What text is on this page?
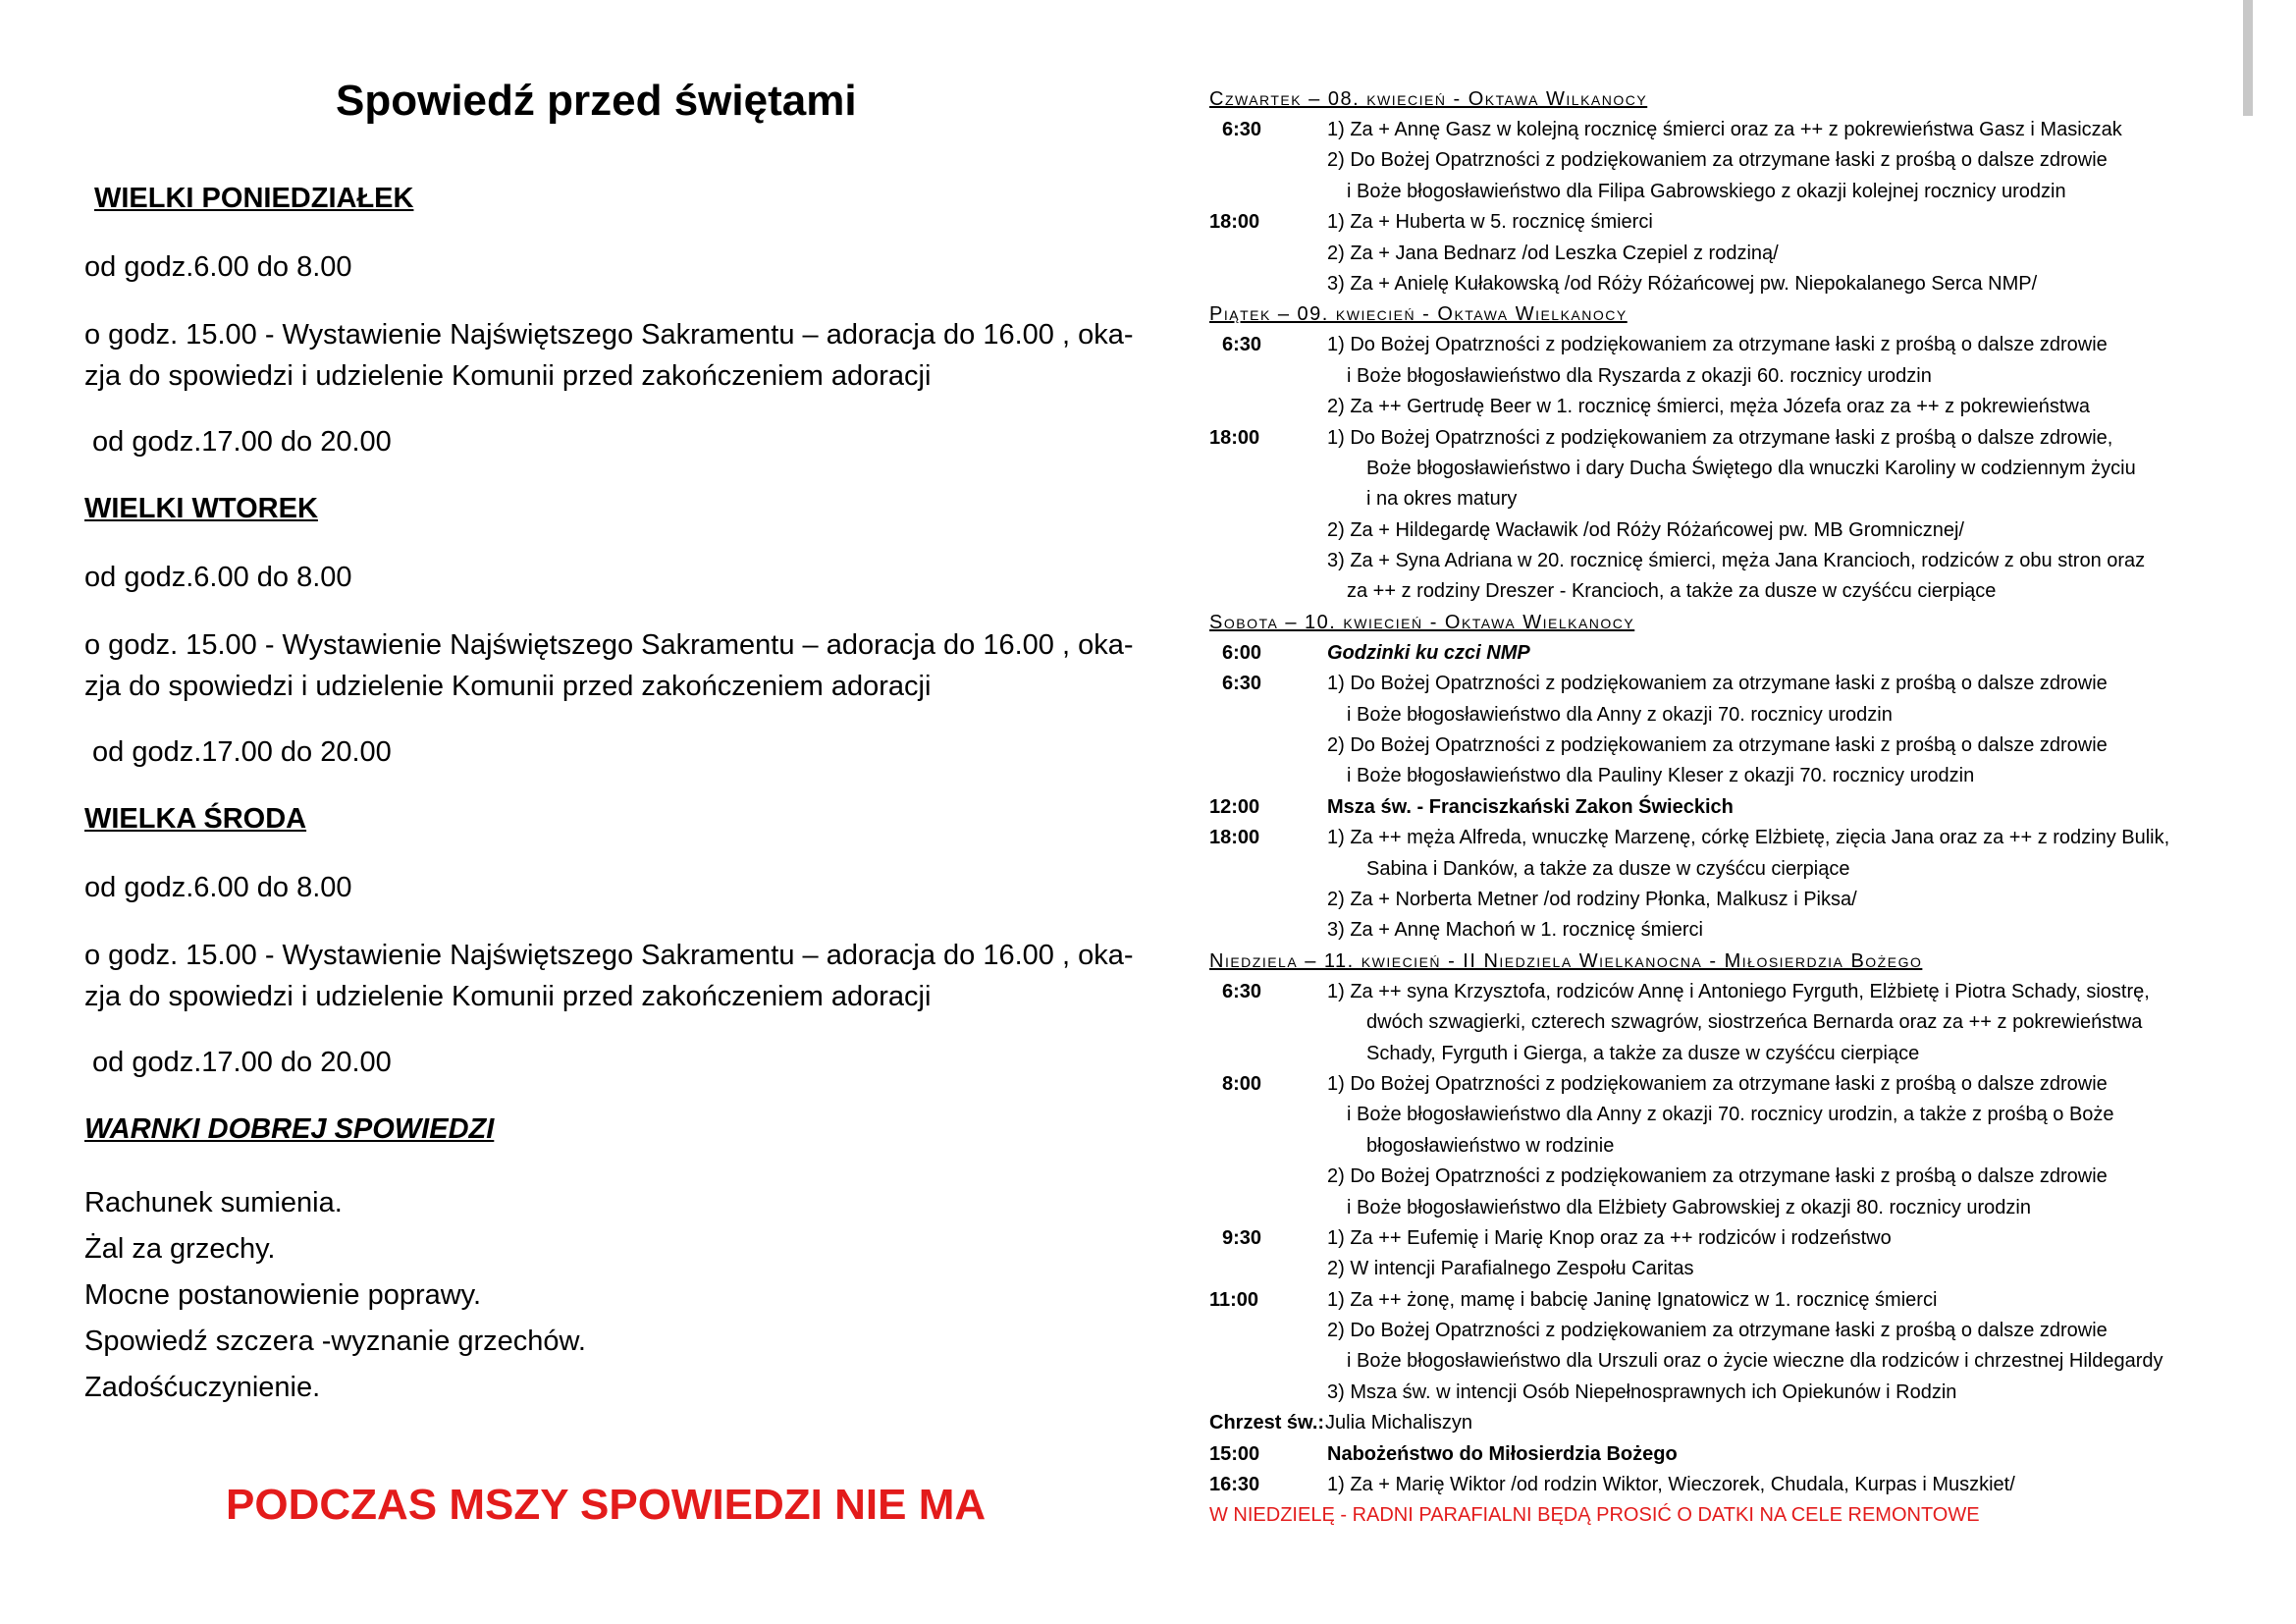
Spowiedź przed świętami
WIELKI PONIEDZIAŁEK
od godz.6.00 do 8.00
o godz. 15.00 - Wystawienie Najświętszego Sakramentu – adoracja do 16.00 , oka-
zja do spowiedzi i udzielenie Komunii przed zakończeniem adoracji
od godz.17.00 do 20.00
WIELKI WTOREK
od godz.6.00 do 8.00
o godz. 15.00 - Wystawienie Najświętszego Sakramentu – adoracja do 16.00 , oka-
zja do spowiedzi i udzielenie Komunii przed zakończeniem adoracji
od godz.17.00 do 20.00
WIELKA ŚRODA
od godz.6.00 do 8.00
o godz. 15.00 - Wystawienie Najświętszego Sakramentu – adoracja do 16.00 , oka-
zja do spowiedzi i udzielenie Komunii przed zakończeniem adoracji
od godz.17.00 do 20.00
WARNKI DOBREJ SPOWIEDZI
Rachunek sumienia.
Żal za grzechy.
Mocne postanowienie poprawy.
Spowiedź szczera -wyznanie grzechów.
Zadośćuczynienie.
PODCZAS MSZY SPOWIEDZI NIE MA
Czwartek – 08. kwiecień - Oktawa Wilkanocy
6:30	1) Za + Annę Gasz w kolejną rocznicę śmierci oraz za ++ z pokrewieństwa Gasz i Masiczak
2) Do Bożej Opatrzności z podziękowaniem za otrzymane łaski z prośbą o dalsze zdrowie
i Boże błogosławieństwo dla Filipa Gabrowskiego z okazji kolejnej rocznicy urodzin
18:00	1) Za + Huberta w 5. rocznicę śmierci
2) Za + Jana Bednarz /od Leszka Czepiel z rodziną/
3) Za + Anielę Kułakowską /od Róży Różańcowej pw. Niepokalanego Serca NMP/
Piątek – 09. kwiecień - Oktawa Wielkanocy
6:30	1) Do Bożej Opatrzności z podziękowaniem za otrzymane łaski z prośbą o dalsze zdrowie
i Boże błogosławieństwo dla Ryszarda z okazji 60. rocznicy urodzin
2) Za ++ Gertrudę Beer w 1. rocznicę śmierci, męża Józefa oraz za ++ z pokrewieństwa
18:00	1) Do Bożej Opatrzności z podziękowaniem za otrzymane łaski z prośbą o dalsze zdrowie,
Boże błogosławieństwo i dary Ducha Świętego dla wnuczki Karoliny w codziennym życiu
i na okres matury
2) Za + Hildegardę Wacławik /od Róży Różańcowej pw. MB Gromnicznej/
3) Za + Syna Adriana w 20. rocznicę śmierci, męża Jana Krancioch, rodziców z obu stron oraz
za ++ z rodziny Dreszer - Krancioch, a także za dusze w czyśćcu cierpiące
Sobota – 10. kwiecień - Oktawa Wielkanocy
6:00	Godzinki ku czci NMP
6:30	1) Do Bożej Opatrzności z podziękowaniem za otrzymane łaski z prośbą o dalsze zdrowie
i Boże błogosławieństwo dla Anny z okazji 70. rocznicy urodzin
2) Do Bożej Opatrzności z podziękowaniem za otrzymane łaski z prośbą o dalsze zdrowie
i Boże błogosławieństwo dla Pauliny Kleser z okazji 70. rocznicy urodzin
12:00	Msza św. - Franciszkański Zakon Świeckich
18:00	1) Za ++ męża Alfreda, wnuczkę Marzenę, córkę Elżbietę, zięcia Jana oraz za ++ z rodziny Bulik,
Sabina i Danków, a także za dusze w czyśćcu cierpiące
2) Za + Norberta Metner /od rodziny Płonka, Malkusz i Piksa/
3) Za + Annę Machoń w 1. rocznicę śmierci
Niedziela – 11. kwiecień - II Niedziela Wielkanocna - Miłosierdzia Bożego
6:30	1) Za ++ syna Krzysztofa, rodziców Annę i Antoniego Fyrguth, Elżbietę i Piotra Schady, siostrę,
dwóch szwagierki, czterech szwagrów, siostrzeńca Bernarda oraz za ++ z pokrewieństwa
Schady, Fyrguth i Gierga, a także za dusze w czyśćcu cierpiące
8:00	1) Do Bożej Opatrzności z podziękowaniem za otrzymane łaski z prośbą o dalsze zdrowie
i Boże błogosławieństwo dla Anny z okazji 70. rocznicy urodzin, a także z prośbą o Boże
błogosławieństwo w rodzinie
2) Do Bożej Opatrzności z podziękowaniem za otrzymane łaski z prośbą o dalsze zdrowie
i Boże błogosławieństwo dla Elżbiety Gabrowskiej z okazji 80. rocznicy urodzin
9:30	1) Za ++ Eufemię i Marię Knop oraz za ++ rodziców i rodzeństwo
2) W intencji Parafialnego Zespołu Caritas
11:00	1) Za ++ żonę, mamę i babcię Janinę Ignatowicz w 1. rocznicę śmierci
2) Do Bożej Opatrzności z podziękowaniem za otrzymane łaski z prośbą o dalsze zdrowie
i Boże błogosławieństwo dla Urszuli oraz o życie wieczne dla rodziców i chrzestnej Hildegardy
3) Msza św. w intencji Osób Niepełnosprawnych ich Opiekunów i Rodzin
Chrzest św.: Julia Michaliszyn
15:00	Nabożeństwo do Miłosierdzia Bożego
16:30	1) Za + Marię Wiktor /od rodzin Wiktor, Wieczorek, Chudala, Kurpas i Muszkiet/
W NIEDZIELĘ - RADNI PARAFIALNI BĘDĄ PROSIĆ O DATKI NA CELE REMONTOWE
